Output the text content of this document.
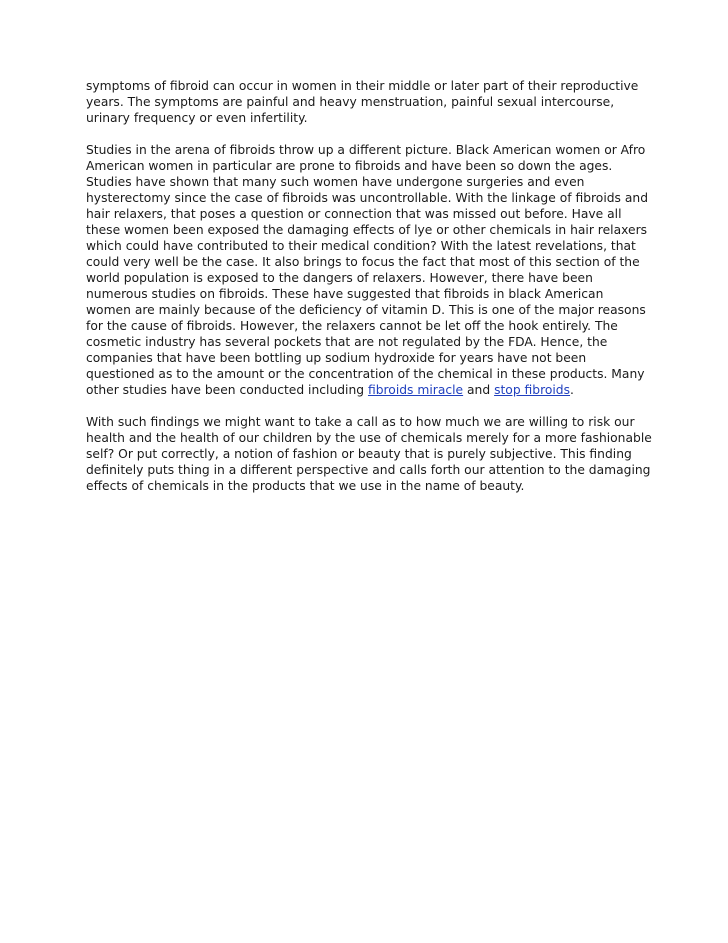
symptoms of fibroid can occur in women in their middle or later part of their reproductive years. The symptoms are painful and heavy menstruation, painful sexual intercourse, urinary frequency or even infertility.

Studies in the arena of fibroids throw up a different picture. Black American women or Afro American women in particular are prone to fibroids and have been so down the ages. Studies have shown that many such women have undergone surgeries and even hysterectomy since the case of fibroids was uncontrollable. With the linkage of fibroids and hair relaxers, that poses a question or connection that was missed out before. Have all these women been exposed the damaging effects of lye or other chemicals in hair relaxers which could have contributed to their medical condition? With the latest revelations, that could very well be the case. It also brings to focus the fact that most of this section of the world population is exposed to the dangers of relaxers. However, there have been numerous studies on fibroids. These have suggested that fibroids in black American women are mainly because of the deficiency of vitamin D. This is one of the major reasons for the cause of fibroids. However, the relaxers cannot be let off the hook entirely. The cosmetic industry has several pockets that are not regulated by the FDA. Hence, the companies that have been bottling up sodium hydroxide for years have not been questioned as to the amount or the concentration of the chemical in these products. Many other studies have been conducted including fibroids miracle and stop fibroids.

With such findings we might want to take a call as to how much we are willing to risk our health and the health of our children by the use of chemicals merely for a more fashionable self? Or put correctly, a notion of fashion or beauty that is purely subjective. This finding definitely puts thing in a different perspective and calls forth our attention to the damaging effects of chemicals in the products that we use in the name of beauty.
